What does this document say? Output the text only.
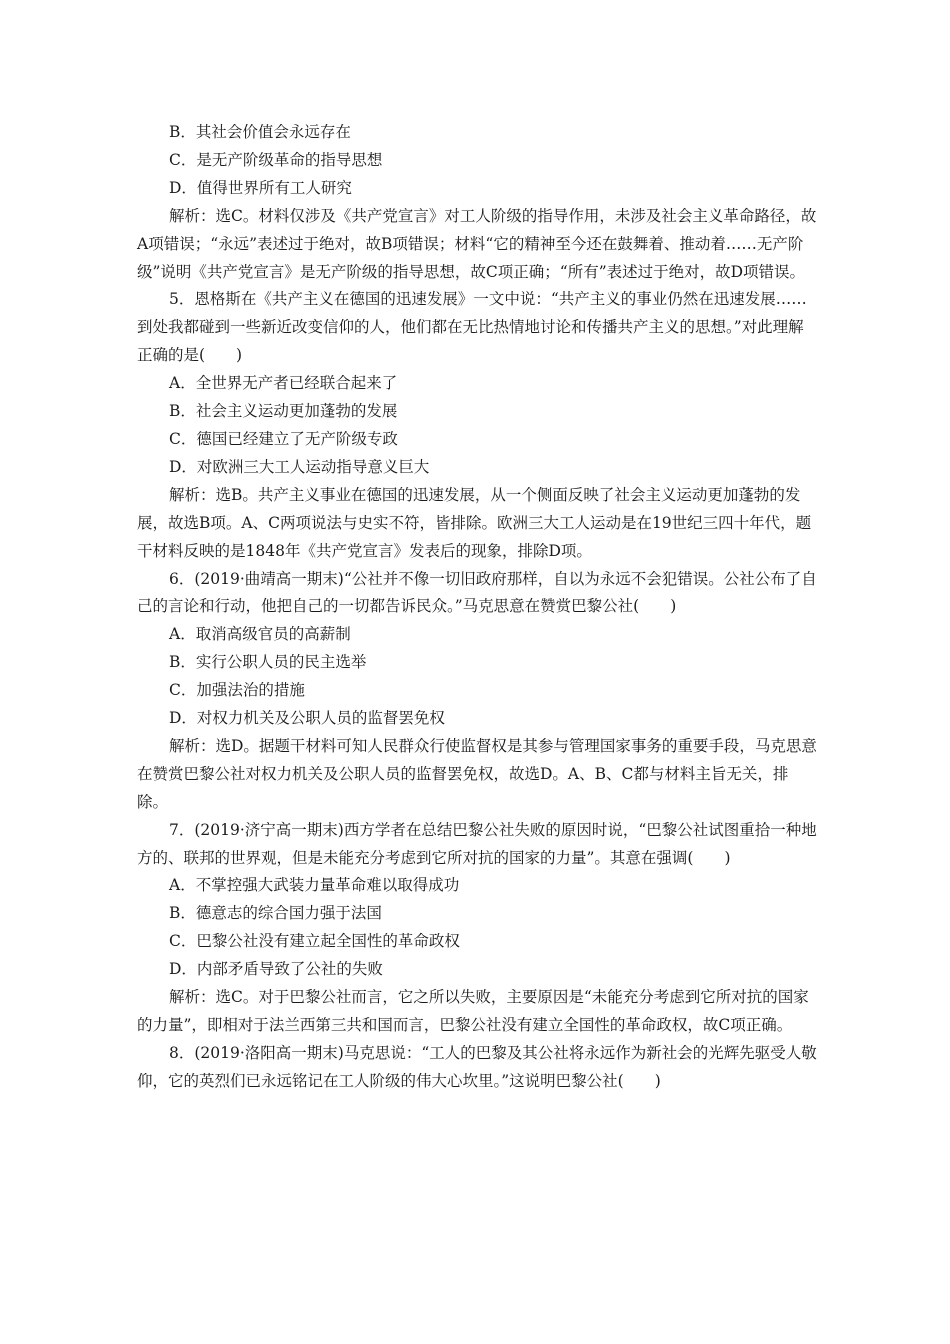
B．其社会价值会永远存在

C．是无产阶级革命的指导思想

D．值得世界所有工人研究

解析：选C。材料仅涉及《共产党宣言》对工人阶级的指导作用，未涉及社会主义革命路径，故A项错误；“永远”表述过于绝对，故B项错误；材料“它的精神至今还在鼓舞着、推动着……无产阶级”说明《共产党宣言》是无产阶级的指导思想，故C项正确；“所有”表述过于绝对，故D项错误。

5．恩格斯在《共产主义在德国的迅速发展》一文中说：“共产主义的事业仍然在迅速发展……到处我都碰到一些新近改变信仰的人，他们都在无比热情地讨论和传播共产主义的思想。”对此理解正确的是(　　)

A．全世界无产者已经联合起来了

B．社会主义运动更加蓬勃的发展

C．德国已经建立了无产阶级专政

D．对欧洲三大工人运动指导意义巨大

解析：选B。共产主义事业在德国的迅速发展，从一个侧面反映了社会主义运动更加蓬勃的发展，故选B项。A、C两项说法与史实不符，皆排除。欧洲三大工人运动是在19世纪三四十年代，题干材料反映的是1848年《共产党宣言》发表后的现象，排除D项。

6．(2019·曲靖高一期末)“公社并不像一切旧政府那样，自以为永远不会犯错误。公社公布了自己的言论和行动，他把自己的一切都告诉民众。”马克思意在赞赏巴黎公社(　　)

A．取消高级官员的高薪制

B．实行公职人员的民主选举

C．加强法治的措施

D．对权力机关及公职人员的监督罢免权

解析：选D。据题干材料可知人民群众行使监督权是其参与管理国家事务的重要手段，马克思意在赞赏巴黎公社对权力机关及公职人员的监督罢免权，故选D。A、B、C都与材料主旨无关，排除。

7．(2019·济宁高一期末)西方学者在总结巴黎公社失败的原因时说，“巴黎公社试图重拾一种地方的、联邦的世界观，但是未能充分考虑到它所对抗的国家的力量”。其意在强调(　　)

A．不掌控强大武装力量革命难以取得成功

B．德意志的综合国力强于法国

C．巴黎公社没有建立起全国性的革命政权

D．内部矛盾导致了公社的失败

解析：选C。对于巴黎公社而言，它之所以失败，主要原因是“未能充分考虑到它所对抗的国家的力量”，即相对于法兰西第三共和国而言，巴黎公社没有建立全国性的革命政权，故C项正确。

8．(2019·洛阳高一期末)马克思说：“工人的巴黎及其公社将永远作为新社会的光辉先驱受人敬仰，它的英烈们已永远铭记在工人阶级的伟大心坎里。”这说明巴黎公社(　　)
